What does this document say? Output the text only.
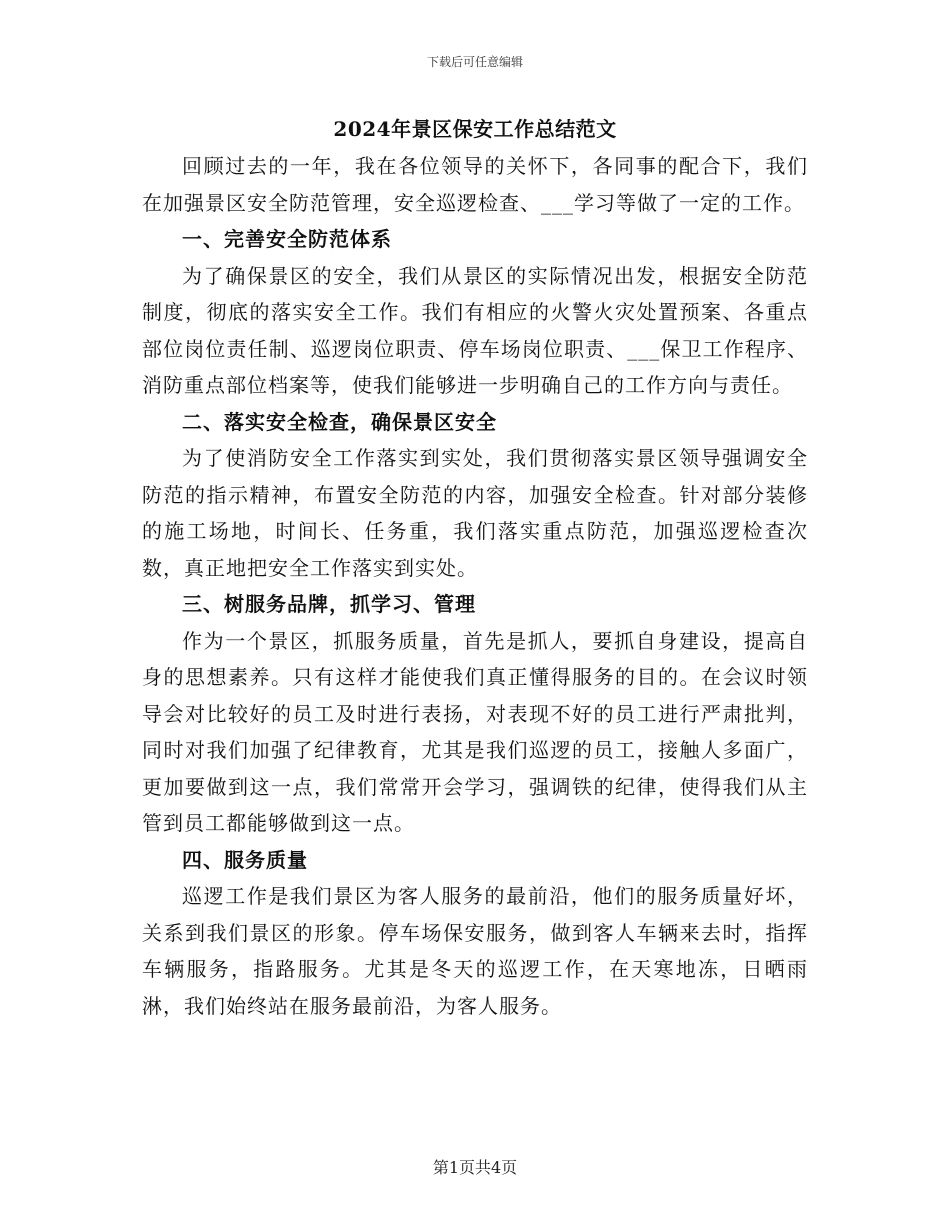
下载后可任意编辑
2024年景区保安工作总结范文

回顾过去的一年，我在各位领导的关怀下，各同事的配合下，我们在加强景区安全防范管理，安全巡逻检查、___学习等做了一定的工作。

一、完善安全防范体系

为了确保景区的安全，我们从景区的实际情况出发，根据安全防范制度，彻底的落实安全工作。我们有相应的火警火灾处置预案、各重点部位岗位责任制、巡逻岗位职责、停车场岗位职责、___保卫工作程序、消防重点部位档案等，使我们能够进一步明确自己的工作方向与责任。

二、落实安全检查，确保景区安全

为了使消防安全工作落实到实处，我们贯彻落实景区领导强调安全防范的指示精神，布置安全防范的内容，加强安全检查。针对部分装修的施工场地，时间长、任务重，我们落实重点防范，加强巡逻检查次数，真正地把安全工作落实到实处。

三、树服务品牌，抓学习、管理

作为一个景区，抓服务质量，首先是抓人，要抓自身建设，提高自身的思想素养。只有这样才能使我们真正懂得服务的目的。在会议时领导会对比较好的员工及时进行表扬，对表现不好的员工进行严肃批判，同时对我们加强了纪律教育，尤其是我们巡逻的员工，接触人多面广，更加要做到这一点，我们常常开会学习，强调铁的纪律，使得我们从主管到员工都能够做到这一点。

四、服务质量

巡逻工作是我们景区为客人服务的最前沿，他们的服务质量好坏，关系到我们景区的形象。停车场保安服务，做到客人车辆来去时，指挥车辆服务，指路服务。尤其是冬天的巡逻工作，在天寒地冻，日晒雨淋，我们始终站在服务最前沿，为客人服务。

第1页共4页
